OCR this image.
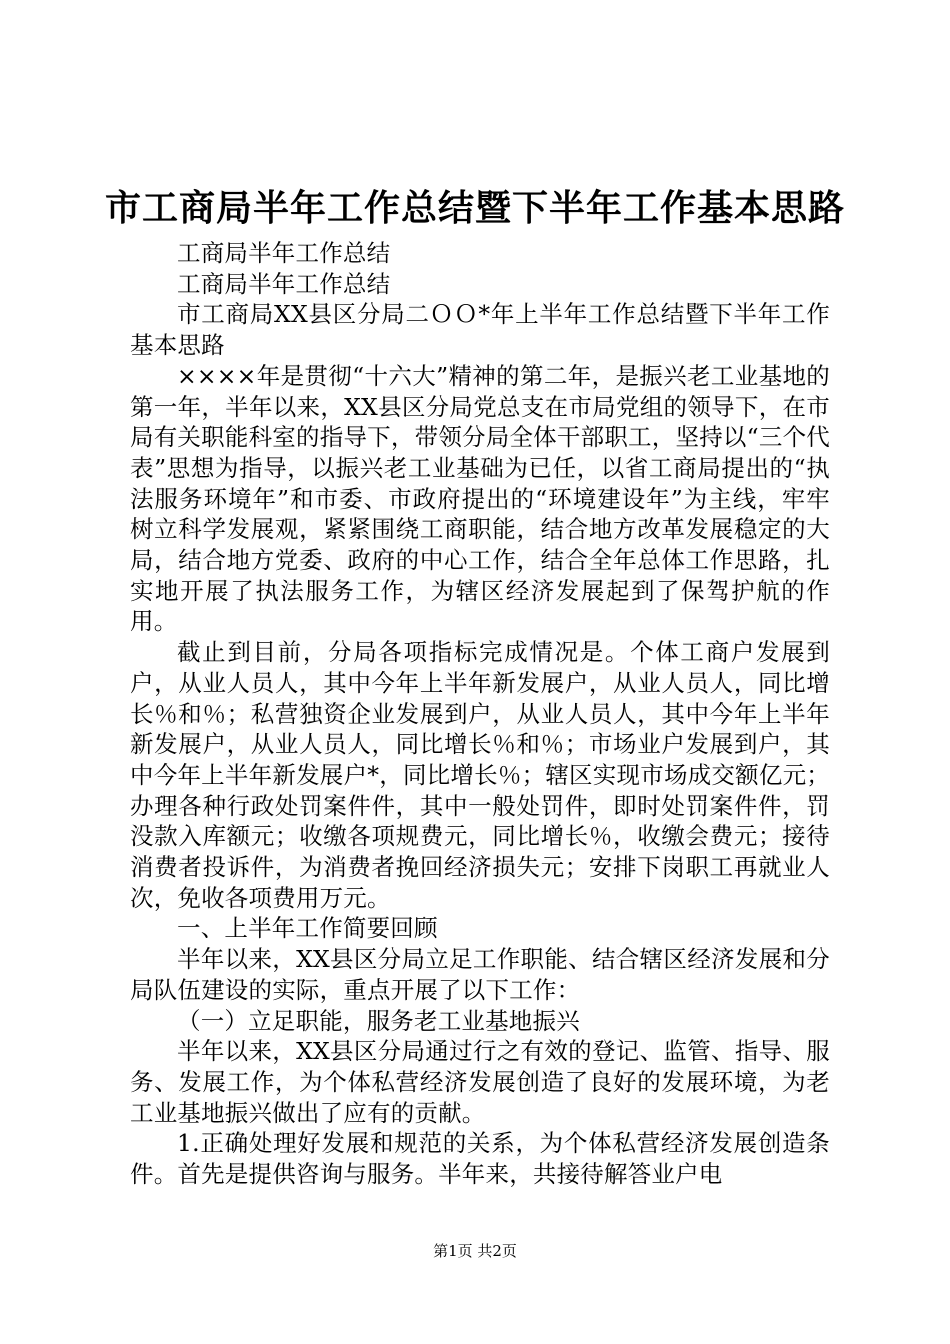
市工商局半年工作总结暨下半年工作基本思路

工商局半年工作总结

工商局半年工作总结

市工商局XX县区分局二ＯＯ*年上半年工作总结暨下半年工作基本思路

××××年是贯彻“十六大”精神的第二年，是振兴老工业基地的第一年，半年以来，XX县区分局党总支在市局党组的领导下，在市局有关职能科室的指导下，带领分局全体干部职工，坚持以“三个代表”思想为指导，以振兴老工业基础为已任，以省工商局提出的“执法服务环境年”和市委、市政府提出的“环境建设年”为主线，牢牢树立科学发展观，紧紧围绕工商职能，结合地方改革发展稳定的大局，结合地方党委、政府的中心工作，结合全年总体工作思路，扎实地开展了执法服务工作，为辖区经济发展起到了保驾护航的作用。

截止到目前，分局各项指标完成情况是。个体工商户发展到户，从业人员人，其中今年上半年新发展户，从业人员人，同比增长％和％；私营独资企业发展到户，从业人员人，其中今年上半年新发展户，从业人员人，同比增长％和％；市场业户发展到户，其中今年上半年新发展户*，同比增长％；辖区实现市场成交额亿元；办理各种行政处罚案件件，其中一般处罚件，即时处罚案件件，罚没款入库额元；收缴各项规费元，同比增长％，收缴会费元；接待消费者投诉件，为消费者挽回经济损失元；安排下岗职工再就业人次，免收各项费用万元。

一、上半年工作简要回顾

半年以来，XX县区分局立足工作职能、结合辖区经济发展和分局队伍建设的实际，重点开展了以下工作：

（一）立足职能，服务老工业基地振兴

半年以来，XX县区分局通过行之有效的登记、监管、指导、服务、发展工作，为个体私营经济发展创造了良好的发展环境，为老工业基地振兴做出了应有的贡献。

1.正确处理好发展和规范的关系，为个体私营经济发展创造条件。首先是提供咨询与服务。半年来，共接待解答业户电

第1页 共2页
